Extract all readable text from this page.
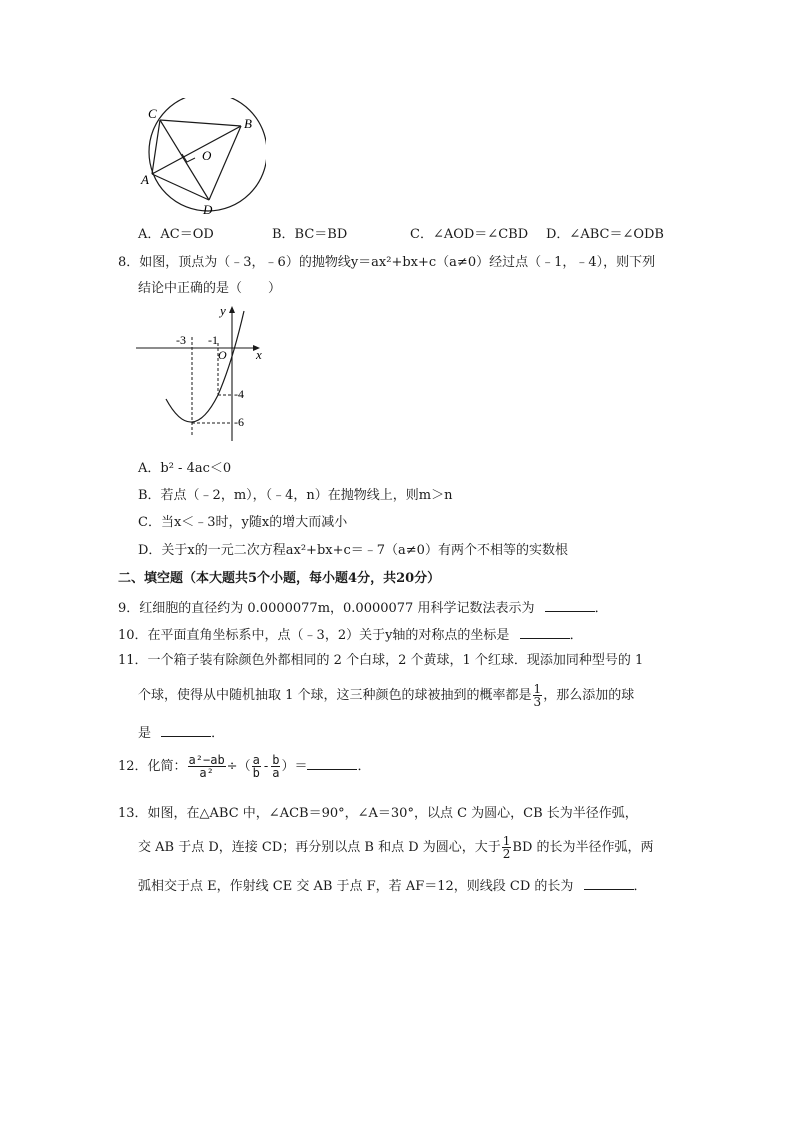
C
B
O
A
D
A．AC＝OD	B．BC＝BD	C．∠AOD＝∠CBD D．∠ABC＝∠ODB
8．如图，顶点为（﹣3，﹣6）的抛物线y＝ax²+bx+c（a≠0）经过点（﹣1，﹣4），则下列
结论中正确的是（　　）
y
x
-3 -1
O
-4
-6
A．b² - 4ac＜0
B．若点（﹣2，m），（﹣4，n）在抛物线上，则m＞n
C．当x＜﹣3时，y随x的增大而减小
D．关于x的一元二次方程ax²+bx+c＝﹣7（a≠0）有两个不相等的实数根
二、填空题（本大题共5个小题，每小题4分，共20分）
9．红细胞的直径约为 0.0000077m，0.0000077 用科学记数法表示为	．
10．在平面直角坐标系中，点（﹣3，2）关于y轴的对称点的坐标是	．
11．一个箱子装有除颜色外都相同的 2 个白球，2 个黄球，1 个红球．现添加同种型号的 1
个球，使得从中随机抽取 1 个球，这三种颜色的球被抽到的概率都是 $\frac{1}{3}$ ，那么添加的球
是	．
12．化简： $\frac{\text{a²−ab}}{\text{a²}}$ ÷（ $\frac{a}{b} - \frac{b}{a}$ ）＝	．
13．如图，在△ABC 中，∠ACB＝90°，∠A＝30°，以点 C 为圆心，CB 长为半径作弧，
交 AB 于点 D，连接 CD；再分别以点 B 和点 D 为圆心，大于 $\frac{1}{2}$ BD 的长为半径作弧，两
弧相交于点 E，作射线 CE 交 AB 于点 F，若 AF＝12，则线段 CD 的长为	．
